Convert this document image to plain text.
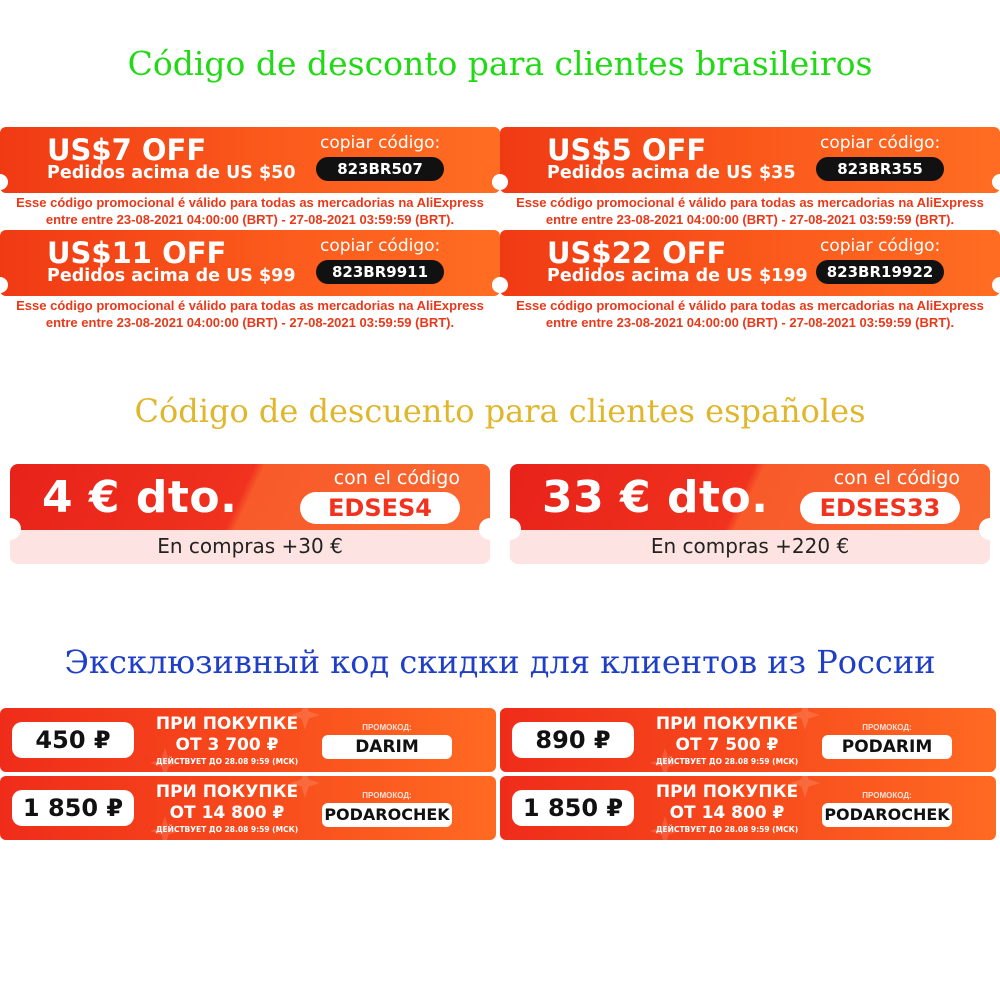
Código de desconto para clientes brasileiros
Código de descuento para clientes españoles
Эксклюзивный код скидки для клиентов из России
US$7 OFF
Pedidos acima de US $50
copiar código:
823BR507
Esse código promocional é válido para todas as mercadorias na AliExpress
entre entre 23-08-2021 04:00:00 (BRT) - 27-08-2021 03:59:59 (BRT).
US$5 OFF
Pedidos acima de US $35
copiar código:
823BR355
Esse código promocional é válido para todas as mercadorias na AliExpress
entre entre 23-08-2021 04:00:00 (BRT) - 27-08-2021 03:59:59 (BRT).
US$11 OFF
Pedidos acima de US $99
copiar código:
823BR9911
Esse código promocional é válido para todas as mercadorias na AliExpress
entre entre 23-08-2021 04:00:00 (BRT) - 27-08-2021 03:59:59 (BRT).
US$22 OFF
Pedidos acima de US $199
copiar código:
823BR19922
Esse código promocional é válido para todas as mercadorias na AliExpress
entre entre 23-08-2021 04:00:00 (BRT) - 27-08-2021 03:59:59 (BRT).
4 € dto.	con el código
EDSES4
En compras +30 €
33 € dto.	con el código
EDSES33
En compras +220 €
450 ₽
ПРИ ПОКУПКЕ
ОТ 3 700 ₽
ДЕЙСТВУЕТ ДО 28.08 9:59 (МСК)
ПРОМОКОД:
DARIM	890 ₽
ПРИ ПОКУПКЕ
ОТ 7 500 ₽
ДЕЙСТВУЕТ ДО 28.08 9:59 (МСК)
ПРОМОКОД:
PODARIM
1 850 ₽
ПРИ ПОКУПКЕ
ОТ 14 800 ₽
ДЕЙСТВУЕТ ДО 28.08 9:59 (МСК)
ПРОМОКОД:
PODAROCHEK	1 850 ₽
ПРИ ПОКУПКЕ
ОТ 14 800 ₽
ДЕЙСТВУЕТ ДО 28.08 9:59 (МСК)
ПРОМОКОД:
PODAROCHEK
